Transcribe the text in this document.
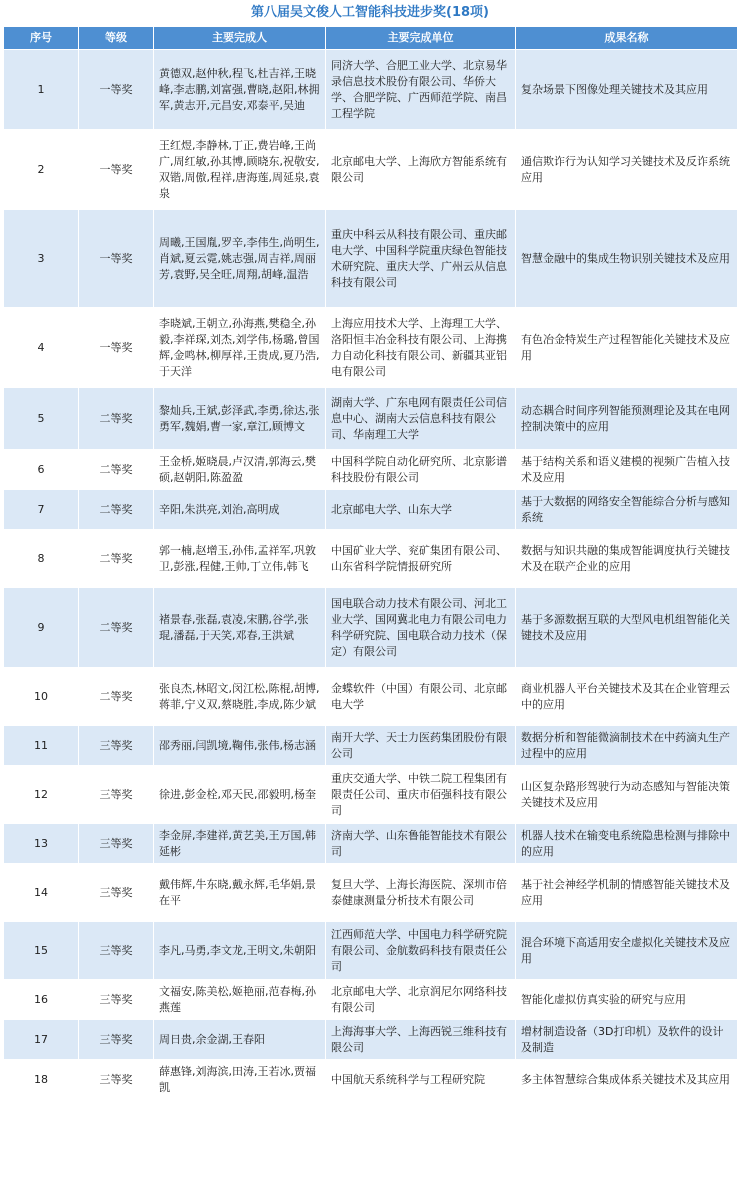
第八届吴文俊人工智能科技进步奖(18项)
序号	等级	主要完成人	主要完成单位	成果名称
1	一等奖	黄德双,赵仲秋,程飞,杜吉祥,王晓峰,李志鹏,刘富强,曹晓,赵阳,林拥军,黄志开,元昌安,邓泰平,吴迪	同济大学、合肥工业大学、北京易华录信息技术股份有限公司、华侨大学、合肥学院、广西师范学院、南昌工程学院	复杂场景下图像处理关键技术及其应用
2	一等奖	王红煜,李静林,丁正,费岩峰,王尚广,周红敏,孙其博,顾晓东,祝敬安,双锴,周傲,程祥,唐海莲,周延泉,袁泉	北京邮电大学、上海欣方智能系统有限公司	通信欺诈行为认知学习关键技术及反诈系统应用
3	一等奖	周曦,王国胤,罗辛,李伟生,尚明生,肖斌,夏云霓,姚志强,周吉祥,周丽芳,袁野,吴全旺,周翔,胡峰,温浩	重庆中科云从科技有限公司、重庆邮电大学、中国科学院重庆绿色智能技术研究院、重庆大学、广州云从信息科技有限公司	智慧金融中的集成生物识别关键技术及应用
4	一等奖	李晓斌,王朝立,孙海燕,樊稳全,孙毅,李祥琛,刘杰,刘学伟,杨璐,曾国辉,金鸣林,柳厚祥,王贵成,夏乃浩,于天洋	上海应用技术大学、上海理工大学、洛阳恒丰冶金科技有限公司、上海携力自动化科技有限公司、新疆其亚铝电有限公司	有色冶金特炭生产过程智能化关键技术及应用
5	二等奖	黎灿兵,王斌,彭泽武,李勇,徐达,张勇军,魏娟,曹一家,章江,顾博文	湖南大学、广东电网有限责任公司信息中心、湖南大云信息科技有限公司、华南理工大学	动态耦合时间序列智能预测理论及其在电网控制决策中的应用
6	二等奖	王金桥,姬晓晨,卢汉清,郭海云,樊硕,赵朝阳,陈盈盈	中国科学院自动化研究所、北京影谱科技股份有限公司	基于结构关系和语义建模的视频广告植入技术及应用
7	二等奖	辛阳,朱洪亮,刘治,高明成	北京邮电大学、山东大学	基于大数据的网络安全智能综合分析与感知系统
8	二等奖	郭一楠,赵增玉,孙伟,孟祥军,巩敦卫,彭涨,程健,王帅,丁立伟,韩飞	中国矿业大学、兖矿集团有限公司、山东省科学院情报研究所	数据与知识共融的集成智能调度执行关键技术及在联产企业的应用
9	二等奖	褚景春,张磊,袁凌,宋鹏,谷学,张琨,潘磊,于天笑,邓春,王洪斌	国电联合动力技术有限公司、河北工业大学、国网冀北电力有限公司电力科学研究院、国电联合动力技术（保定）有限公司	基于多源数据互联的大型风电机组智能化关键技术及应用
10	二等奖	张良杰,林昭文,闵江松,陈棍,胡博,蒋菲,宁义双,蔡晓胜,李成,陈少斌	金蝶软件（中国）有限公司、北京邮电大学	商业机器人平台关键技术及其在企业管理云中的应用
11	三等奖	邵秀丽,闫凯境,鞠伟,张伟,杨志涵	南开大学、天士力医药集团股份有限公司	数据分析和智能微滴制技术在中药滴丸生产过程中的应用
12	三等奖	徐进,彭金栓,邓天民,邵毅明,杨奎	重庆交通大学、中铁二院工程集团有限责任公司、重庆市佰强科技有限公司	山区复杂路形驾驶行为动态感知与智能决策关键技术及应用
13	三等奖	李金屏,李建祥,黄艺美,王万国,韩延彬	济南大学、山东鲁能智能技术有限公司	机器人技术在输变电系统隐患检测与排除中的应用
14	三等奖	戴伟辉,牛东晓,戴永辉,毛华娟,景在平	复旦大学、上海长海医院、深圳市倍泰健康测量分析技术有限公司	基于社会神经学机制的情感智能关键技术及应用
15	三等奖	李凡,马勇,李文龙,王明文,朱朝阳	江西师范大学、中国电力科学研究院有限公司、金航数码科技有限责任公司	混合环境下高适用安全虚拟化关键技术及应用
16	三等奖	文福安,陈美松,姬艳丽,范春梅,孙燕莲	北京邮电大学、北京润尼尔网络科技有限公司	智能化虚拟仿真实验的研究与应用
17	三等奖	周日贵,余金湖,王春阳	上海海事大学、上海西锐三维科技有限公司	增材制造设备（3D打印机）及软件的设计及制造
18	三等奖	薛惠锋,刘海滨,田涛,王若冰,贾福凯	中国航天系统科学与工程研究院	多主体智慧综合集成体系关键技术及其应用
